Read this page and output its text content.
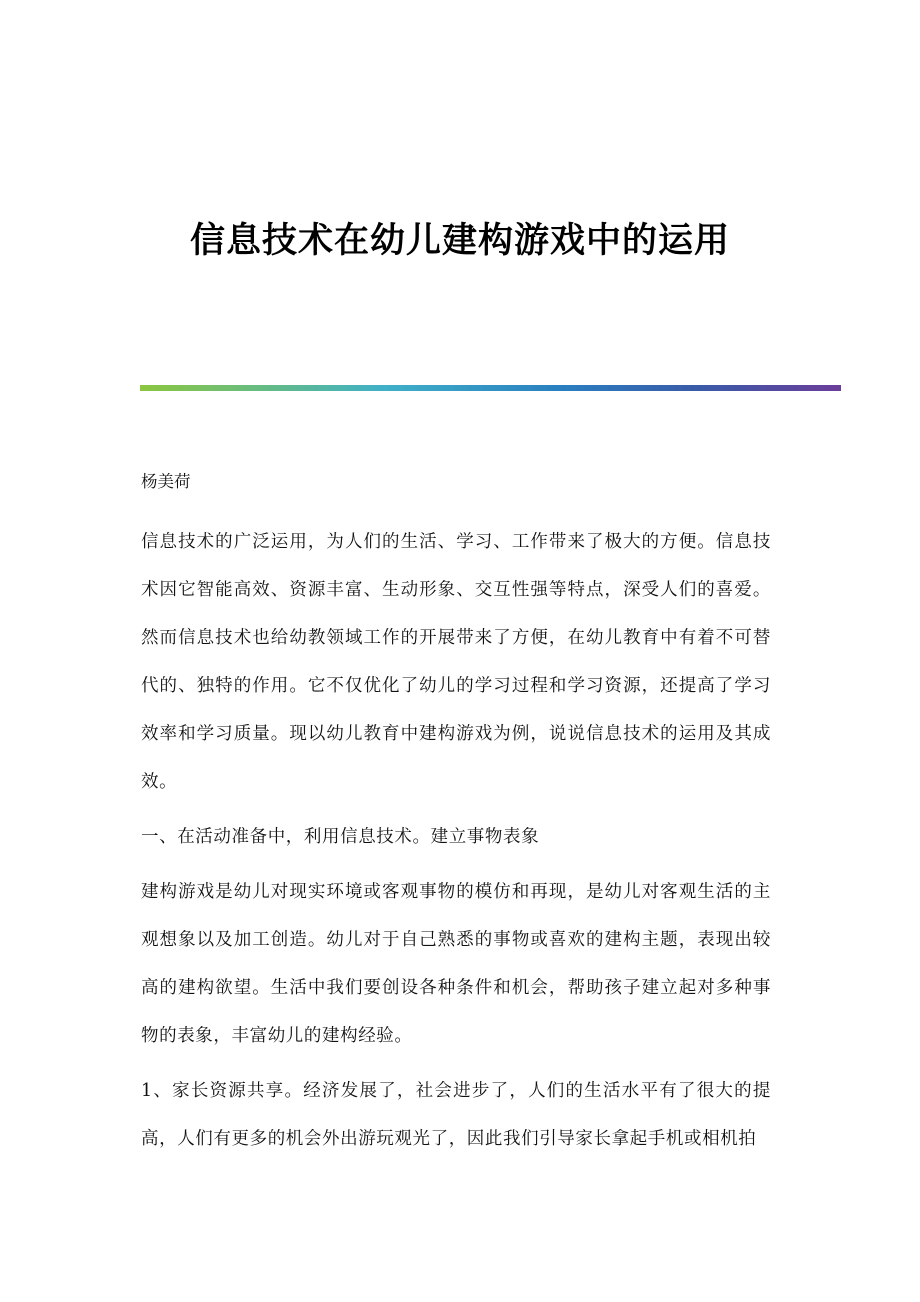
信息技术在幼儿建构游戏中的运用

杨美荷

信息技术的广泛运用，为人们的生活、学习、工作带来了极大的方便。信息技术因它智能高效、资源丰富、生动形象、交互性强等特点，深受人们的喜爱。然而信息技术也给幼教领域工作的开展带来了方便，在幼儿教育中有着不可替代的、独特的作用。它不仅优化了幼儿的学习过程和学习资源，还提高了学习效率和学习质量。现以幼儿教育中建构游戏为例，说说信息技术的运用及其成效。

一、在活动准备中，利用信息技术。建立事物表象

建构游戏是幼儿对现实环境或客观事物的模仿和再现，是幼儿对客观生活的主观想象以及加工创造。幼儿对于自己熟悉的事物或喜欢的建构主题，表现出较高的建构欲望。生活中我们要创设各种条件和机会，帮助孩子建立起对多种事物的表象，丰富幼儿的建构经验。

1、家长资源共享。经济发展了，社会进步了，人们的生活水平有了很大的提高，人们有更多的机会外出游玩观光了，因此我们引导家长拿起手机或相机拍
